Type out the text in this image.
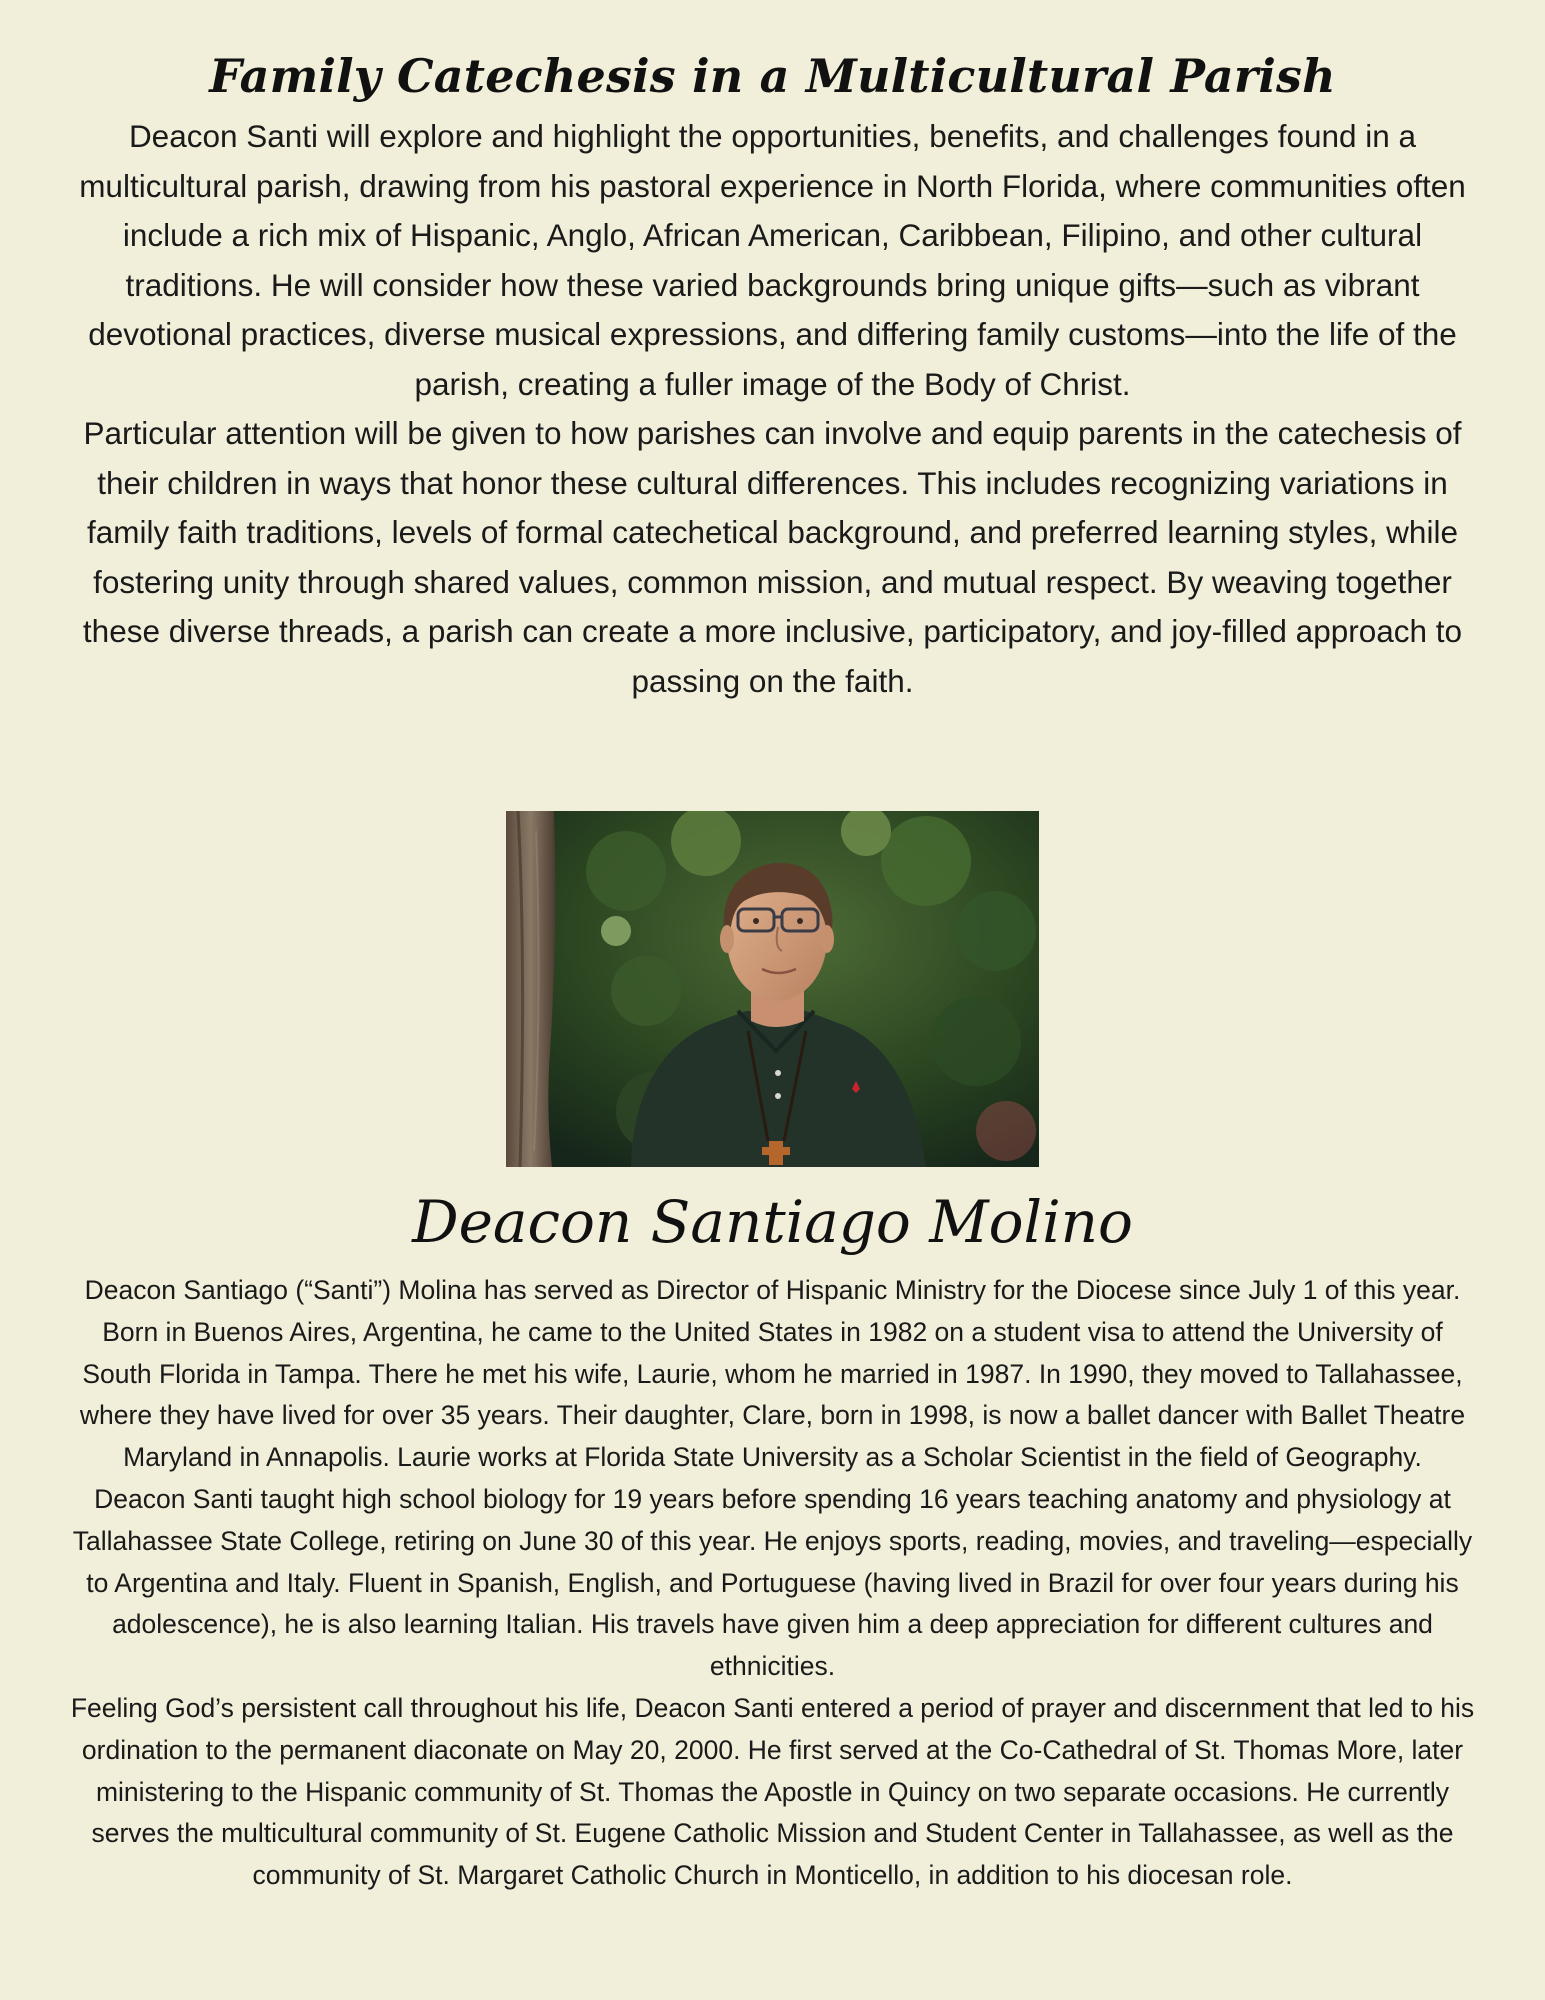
Family Catechesis in a Multicultural Parish

Deacon Santi will explore and highlight the opportunities, benefits, and challenges found in a multicultural parish, drawing from his pastoral experience in North Florida, where communities often include a rich mix of Hispanic, Anglo, African American, Caribbean, Filipino, and other cultural traditions. He will consider how these varied backgrounds bring unique gifts—such as vibrant devotional practices, diverse musical expressions, and differing family customs—into the life of the parish, creating a fuller image of the Body of Christ.

Particular attention will be given to how parishes can involve and equip parents in the catechesis of their children in ways that honor these cultural differences. This includes recognizing variations in family faith traditions, levels of formal catechetical background, and preferred learning styles, while fostering unity through shared values, common mission, and mutual respect. By weaving together these diverse threads, a parish can create a more inclusive, participatory, and joy-filled approach to passing on the faith.

Deacon Santiago Molino

Deacon Santiago (“Santi”) Molina has served as Director of Hispanic Ministry for the Diocese since July 1 of this year. Born in Buenos Aires, Argentina, he came to the United States in 1982 on a student visa to attend the University of South Florida in Tampa. There he met his wife, Laurie, whom he married in 1987. In 1990, they moved to Tallahassee, where they have lived for over 35 years. Their daughter, Clare, born in 1998, is now a ballet dancer with Ballet Theatre Maryland in Annapolis. Laurie works at Florida State University as a Scholar Scientist in the field of Geography.

Deacon Santi taught high school biology for 19 years before spending 16 years teaching anatomy and physiology at Tallahassee State College, retiring on June 30 of this year. He enjoys sports, reading, movies, and traveling—especially to Argentina and Italy. Fluent in Spanish, English, and Portuguese (having lived in Brazil for over four years during his adolescence), he is also learning Italian. His travels have given him a deep appreciation for different cultures and ethnicities.

Feeling God’s persistent call throughout his life, Deacon Santi entered a period of prayer and discernment that led to his ordination to the permanent diaconate on May 20, 2000. He first served at the Co-Cathedral of St. Thomas More, later ministering to the Hispanic community of St. Thomas the Apostle in Quincy on two separate occasions. He currently serves the multicultural community of St. Eugene Catholic Mission and Student Center in Tallahassee, as well as the community of St. Margaret Catholic Church in Monticello, in addition to his diocesan role.
